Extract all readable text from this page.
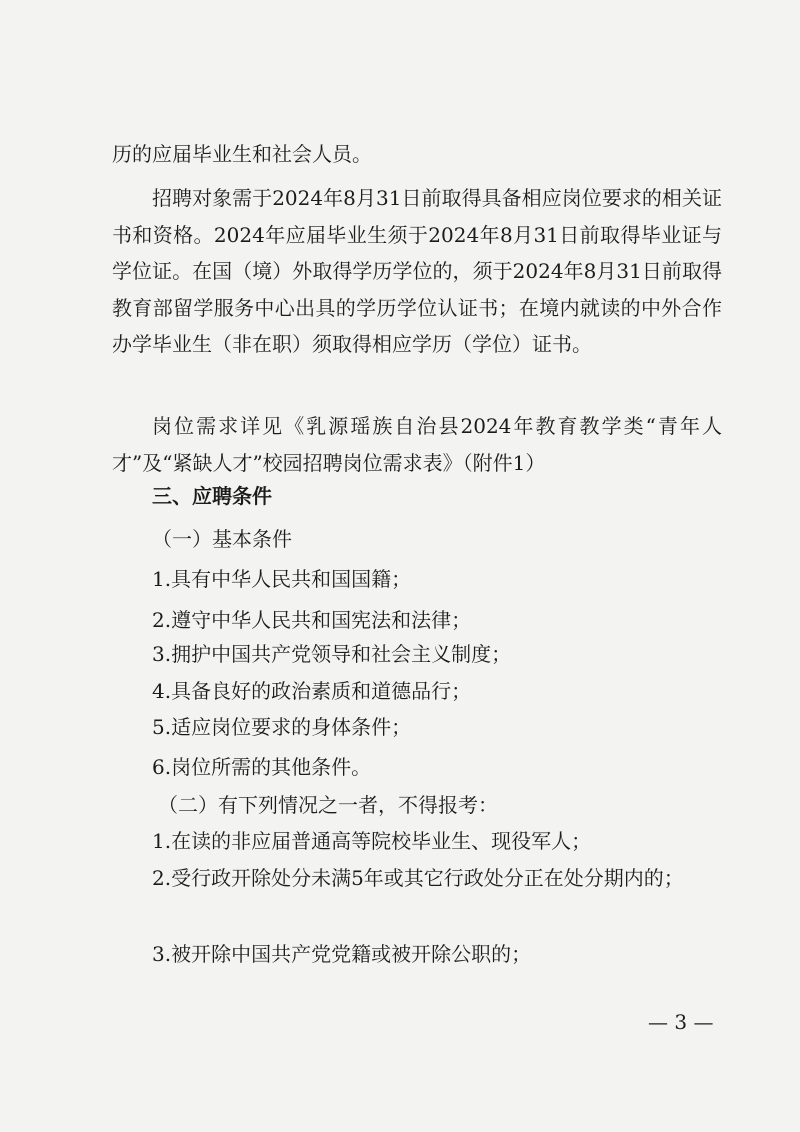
历的应届毕业生和社会人员。

招聘对象需于2024年8月31日前取得具备相应岗位要求的相关证书和资格。2024年应届毕业生须于2024年8月31日前取得毕业证与学位证。在国（境）外取得学历学位的，须于2024年8月31日前取得教育部留学服务中心出具的学历学位认证书；在境内就读的中外合作办学毕业生（非在职）须取得相应学历（学位）证书。

岗位需求详见《乳源瑶族自治县2024年教育教学类“青年人才”及“紧缺人才”校园招聘岗位需求表》（附件1）

三、应聘条件

（一）基本条件

1.具有中华人民共和国国籍；

2.遵守中华人民共和国宪法和法律；

3.拥护中国共产党领导和社会主义制度；

4.具备良好的政治素质和道德品行；

5.适应岗位要求的身体条件；

6.岗位所需的其他条件。

（二）有下列情况之一者，不得报考：

1.在读的非应届普通高等院校毕业生、现役军人；

2.受行政开除处分未满5年或其它行政处分正在处分期内的；

3.被开除中国共产党党籍或被开除公职的；

— 3 —
